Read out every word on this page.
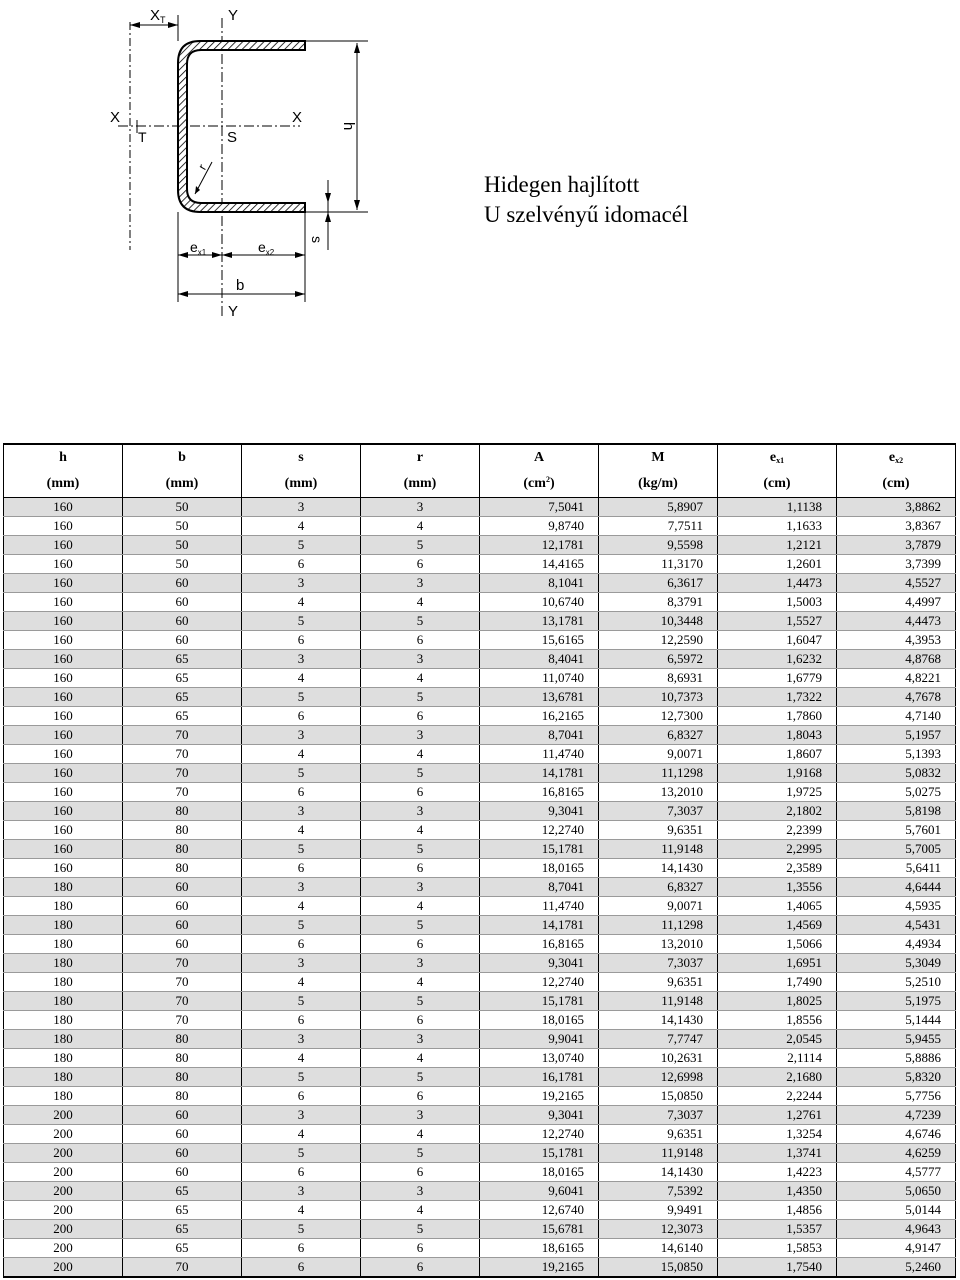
X T	Y
X
T	S
X
r
h
s
$e_{x1}$	$e_{x2}$
b
Y
Hidegen hajlított
U szelvényű idomacél
h	b	s	r	A	M	$e_{x1}$	$e_{x2}$
(mm)	(mm)	(mm)	(mm)	$(cm^2)$	(kg/m)	(cm)	(cm)
160	50	3	3	7,5041	5,8907	1,1138	3,8862
160	50	4	4	9,8740	7,7511	1,1633	3,8367
160	50	5	5	12,1781	9,5598	1,2121	3,7879
160	50	6	6	14,4165	11,3170	1,2601	3,7399
160	60	3	3	8,1041	6,3617	1,4473	4,5527
160	60	4	4	10,6740	8,3791	1,5003	4,4997
160	60	5	5	13,1781	10,3448	1,5527	4,4473
160	60	6	6	15,6165	12,2590	1,6047	4,3953
160	65	3	3	8,4041	6,5972	1,6232	4,8768
160	65	4	4	11,0740	8,6931	1,6779	4,8221
160	65	5	5	13,6781	10,7373	1,7322	4,7678
160	65	6	6	16,2165	12,7300	1,7860	4,7140
160	70	3	3	8,7041	6,8327	1,8043	5,1957
160	70	4	4	11,4740	9,0071	1,8607	5,1393
160	70	5	5	14,1781	11,1298	1,9168	5,0832
160	70	6	6	16,8165	13,2010	1,9725	5,0275
160	80	3	3	9,3041	7,3037	2,1802	5,8198
160	80	4	4	12,2740	9,6351	2,2399	5,7601
160	80	5	5	15,1781	11,9148	2,2995	5,7005
160	80	6	6	18,0165	14,1430	2,3589	5,6411
180	60	3	3	8,7041	6,8327	1,3556	4,6444
180	60	4	4	11,4740	9,0071	1,4065	4,5935
180	60	5	5	14,1781	11,1298	1,4569	4,5431
180	60	6	6	16,8165	13,2010	1,5066	4,4934
180	70	3	3	9,3041	7,3037	1,6951	5,3049
180	70	4	4	12,2740	9,6351	1,7490	5,2510
180	70	5	5	15,1781	11,9148	1,8025	5,1975
180	70	6	6	18,0165	14,1430	1,8556	5,1444
180	80	3	3	9,9041	7,7747	2,0545	5,9455
180	80	4	4	13,0740	10,2631	2,1114	5,8886
180	80	5	5	16,1781	12,6998	2,1680	5,8320
180	80	6	6	19,2165	15,0850	2,2244	5,7756
200	60	3	3	9,3041	7,3037	1,2761	4,7239
200	60	4	4	12,2740	9,6351	1,3254	4,6746
200	60	5	5	15,1781	11,9148	1,3741	4,6259
200	60	6	6	18,0165	14,1430	1,4223	4,5777
200	65	3	3	9,6041	7,5392	1,4350	5,0650
200	65	4	4	12,6740	9,9491	1,4856	5,0144
200	65	5	5	15,6781	12,3073	1,5357	4,9643
200	65	6	6	18,6165	14,6140	1,5853	4,9147
200	70	6	6	19,2165	15,0850	1,7540	5,2460
